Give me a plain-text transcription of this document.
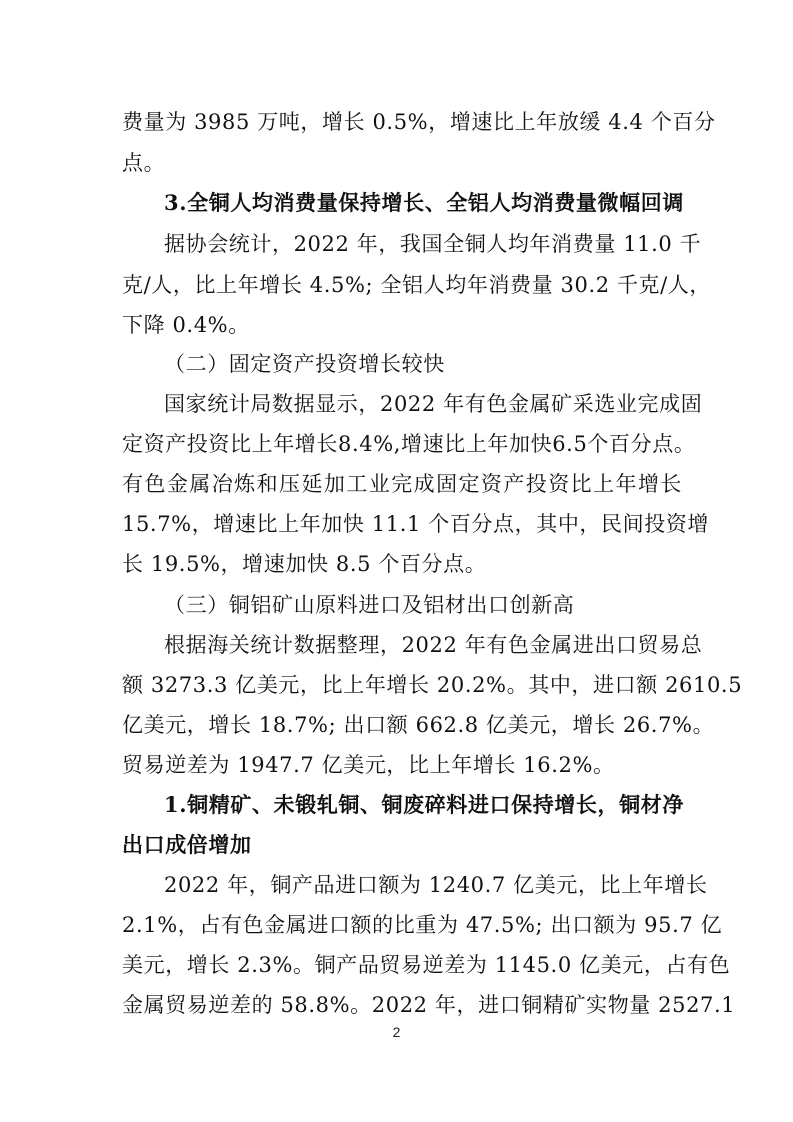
费量为 3985 万吨，增长 0.5%，增速比上年放缓 4.4 个百分
点。
3.全铜人均消费量保持增长、全铝人均消费量微幅回调
据协会统计，2022 年，我国全铜人均年消费量 11.0 千
克/人，比上年增长 4.5%; 全铝人均年消费量 30.2 千克/人，
下降 0.4%。
（二）固定资产投资增长较快
国家统计局数据显示，2022 年有色金属矿采选业完成固
定资产投资比上年增长8.4%,增速比上年加快6.5个百分点。
有色金属冶炼和压延加工业完成固定资产投资比上年增长
15.7%，增速比上年加快 11.1 个百分点，其中，民间投资增
长 19.5%，增速加快 8.5 个百分点。
（三）铜铝矿山原料进口及铝材出口创新高
根据海关统计数据整理，2022 年有色金属进出口贸易总
额 3273.3 亿美元，比上年增长 20.2%。其中，进口额 2610.5
亿美元，增长 18.7%; 出口额 662.8 亿美元，增长 26.7%。
贸易逆差为 1947.7 亿美元，比上年增长 16.2%。
1.铜精矿、未锻轧铜、铜废碎料进口保持增长，铜材净
出口成倍增加
2022 年，铜产品进口额为 1240.7 亿美元，比上年增长
2.1%，占有色金属进口额的比重为 47.5%; 出口额为 95.7 亿
美元，增长 2.3%。铜产品贸易逆差为 1145.0 亿美元，占有色
金属贸易逆差的 58.8%。2022 年，进口铜精矿实物量 2527.1
2
